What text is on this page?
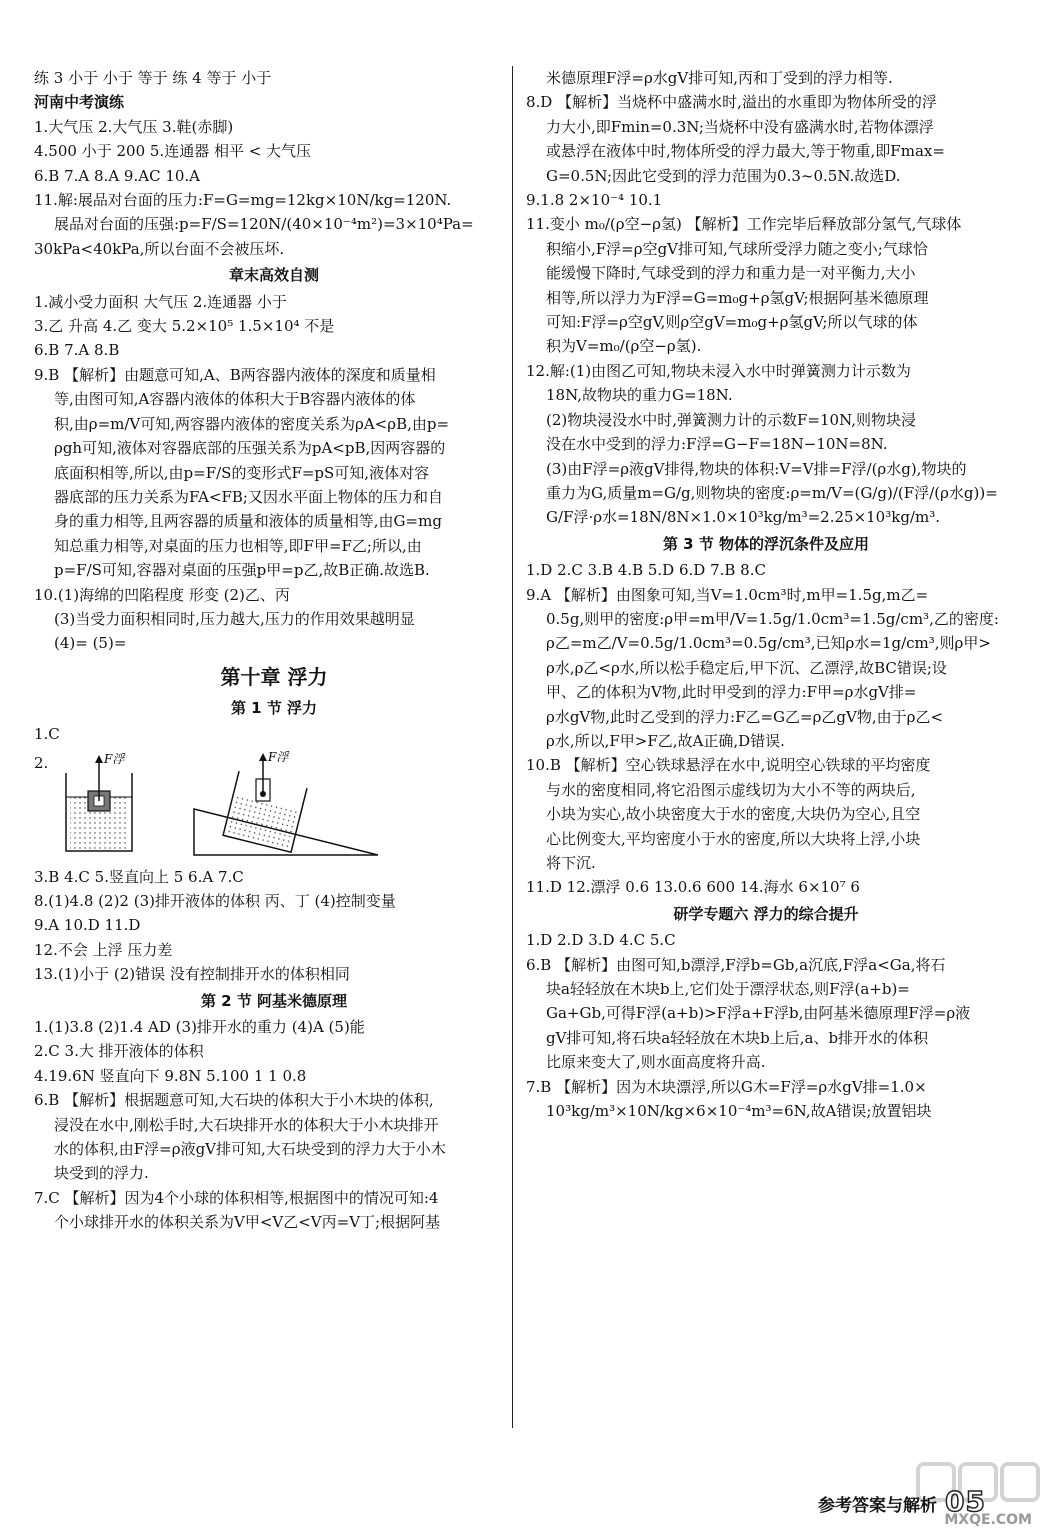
练 3 小于 小于 等于 练 4 等于 小于
河南中考演练
1.大气压 2.大气压 3.鞋(赤脚)
4.500 小于 200 5.连通器 相平 < 大气压
6.B 7.A 8.A 9.AC 10.A
11.解:展品对台面的压力:F=G=mg=12kg×10N/kg=120N.
展品对台面的压强:p=F/S=120N/(40×10⁻⁴m²)=3×10⁴Pa=
30kPa<40kPa,所以台面不会被压坏.
章末高效自测
1.减小受力面积 大气压 2.连通器 小于
3.乙 升高 4.乙 变大 5.2×10⁵ 1.5×10⁴ 不是
6.B 7.A 8.B
9.B 【解析】由题意可知,A、B两容器内液体的深度和质量相
等,由图可知,A容器内液体的体积大于B容器内液体的体
积,由ρ=m/V可知,两容器内液体的密度关系为ρA<ρB,由p=
ρgh可知,液体对容器底部的压强关系为pA<pB,因两容器的
底面积相等,所以,由p=F/S的变形式F=pS可知,液体对容
器底部的压力关系为FA<FB;又因水平面上物体的压力和自
身的重力相等,且两容器的质量和液体的质量相等,由G=mg
知总重力相等,对桌面的压力也相等,即F甲=F乙;所以,由
p=F/S可知,容器对桌面的压强p甲=p乙,故B正确.故选B.
10.(1)海绵的凹陷程度 形变 (2)乙、丙
(3)当受力面积相同时,压力越大,压力的作用效果越明显
(4)= (5)=
第十章 浮力
第 1 节 浮力
1.C
2.	F浮	F浮
3.B 4.C 5.竖直向上 5 6.A 7.C
8.(1)4.8 (2)2 (3)排开液体的体积 丙、丁 (4)控制变量
9.A 10.D 11.D
12.不会 上浮 压力差
13.(1)小于 (2)错误 没有控制排开水的体积相同
第 2 节 阿基米德原理
1.(1)3.8 (2)1.4 AD (3)排开水的重力 (4)A (5)能
2.C 3.大 排开液体的体积
4.19.6N 竖直向下 9.8N 5.100 1 1 0.8
6.B 【解析】根据题意可知,大石块的体积大于小木块的体积,
浸没在水中,刚松手时,大石块排开水的体积大于小木块排开
水的体积,由F浮=ρ液gV排可知,大石块受到的浮力大于小木
块受到的浮力.
7.C 【解析】因为4个小球的体积相等,根据图中的情况可知:4
个小球排开水的体积关系为V甲<V乙<V丙=V丁;根据阿基
米德原理F浮=ρ水gV排可知,丙和丁受到的浮力相等.
8.D 【解析】当烧杯中盛满水时,溢出的水重即为物体所受的浮
力大小,即Fmin=0.3N;当烧杯中没有盛满水时,若物体漂浮
或悬浮在液体中时,物体所受的浮力最大,等于物重,即Fmax=
G=0.5N;因此它受到的浮力范围为0.3~0.5N.故选D.
9.1.8 2×10⁻⁴ 10.1
11.变小 m₀/(ρ空−ρ氢) 【解析】工作完毕后释放部分氢气,气球体
积缩小,F浮=ρ空gV排可知,气球所受浮力随之变小;气球恰
能缓慢下降时,气球受到的浮力和重力是一对平衡力,大小
相等,所以浮力为F浮=G=m₀g+ρ氢gV;根据阿基米德原理
可知:F浮=ρ空gV,则ρ空gV=m₀g+ρ氢gV;所以气球的体
积为V=m₀/(ρ空−ρ氢).
12.解:(1)由图乙可知,物块未浸入水中时弹簧测力计示数为
18N,故物块的重力G=18N.
(2)物块浸没水中时,弹簧测力计的示数F=10N,则物块浸
没在水中受到的浮力:F浮=G−F=18N−10N=8N.
(3)由F浮=ρ液gV排得,物块的体积:V=V排=F浮/(ρ水g),物块的
重力为G,质量m=G/g,则物块的密度:ρ=m/V=(G/g)/(F浮/(ρ水g))=
G/F浮·ρ水=18N/8N×1.0×10³kg/m³=2.25×10³kg/m³.
第 3 节 物体的浮沉条件及应用
1.D 2.C 3.B 4.B 5.D 6.D 7.B 8.C
9.A 【解析】由图象可知,当V=1.0cm³时,m甲=1.5g,m乙=
0.5g,则甲的密度:ρ甲=m甲/V=1.5g/1.0cm³=1.5g/cm³,乙的密度:
ρ乙=m乙/V=0.5g/1.0cm³=0.5g/cm³,已知ρ水=1g/cm³,则ρ甲>
ρ水,ρ乙<ρ水,所以松手稳定后,甲下沉、乙漂浮,故BC错误;设
甲、乙的体积为V物,此时甲受到的浮力:F甲=ρ水gV排=
ρ水gV物,此时乙受到的浮力:F乙=G乙=ρ乙gV物,由于ρ乙<
ρ水,所以,F甲>F乙,故A正确,D错误.
10.B 【解析】空心铁球悬浮在水中,说明空心铁球的平均密度
与水的密度相同,将它沿图示虚线切为大小不等的两块后,
小块为实心,故小块密度大于水的密度,大块仍为空心,且空
心比例变大,平均密度小于水的密度,所以大块将上浮,小块
将下沉.
11.D 12.漂浮 0.6 13.0.6 600 14.海水 6×10⁷ 6
研学专题六 浮力的综合提升
1.D 2.D 3.D 4.C 5.C
6.B 【解析】由图可知,b漂浮,F浮b=Gb,a沉底,F浮a<Ga,将石
块a轻轻放在木块b上,它们处于漂浮状态,则F浮(a+b)=
Ga+Gb,可得F浮(a+b)>F浮a+F浮b,由阿基米德原理F浮=ρ液
gV排可知,将石块a轻轻放在木块b上后,a、b排开水的体积
比原来变大了,则水面高度将升高.
7.B 【解析】因为木块漂浮,所以G木=F浮=ρ水gV排=1.0×
10³kg/m³×10N/kg×6×10⁻⁴m³=6N,故A错误;放置铝块
MXQE.COM
参考答案与解析 05
